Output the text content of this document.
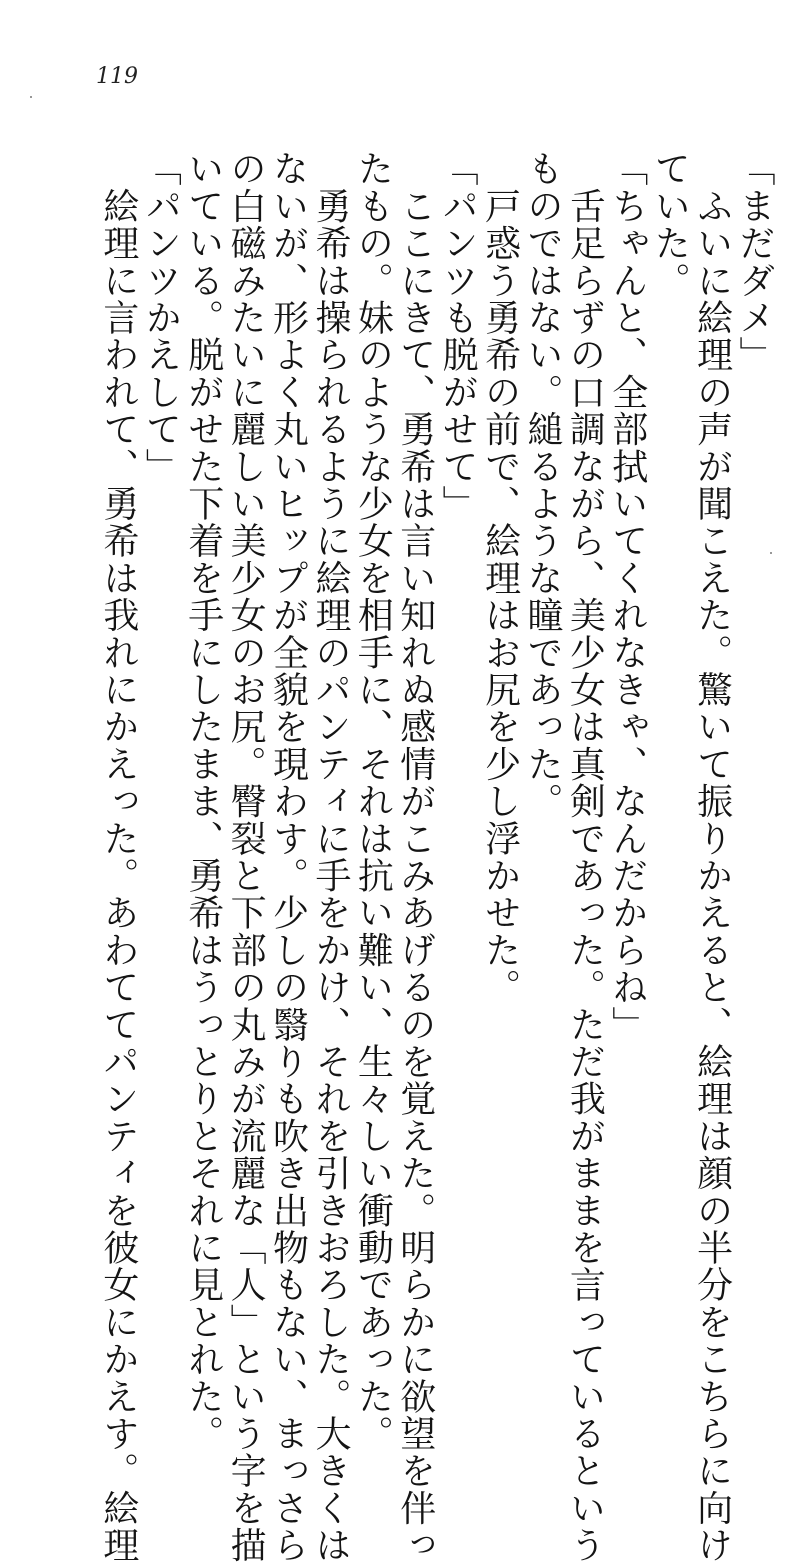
119
「まだダメ」
　ふいに絵理の声が聞こえた。驚いて振りかえると、絵理は顔の半分をこちらに向け
ていた。
「ちゃんと、全部拭いてくれなきゃ、なんだからね」
　舌足らずの口調ながら、美少女は真剣であった。ただ我がままを言っているという
ものではない。縋るような瞳であった。
　戸惑う勇希の前で、絵理はお尻を少し浮かせた。
「パンツも脱がせて」
　ここにきて、勇希は言い知れぬ感情がこみあげるのを覚えた。明らかに欲望を伴っ
たもの。妹のような少女を相手に、それは抗い難い、生々しい衝動であった。
　勇希は操られるように絵理のパンティに手をかけ、それを引きおろした。大きくは
ないが、形よく丸いヒップが全貌を現わす。少しの翳りも吹き出物もない、まっさら
の白磁みたいに麗しい美少女のお尻。臀裂と下部の丸みが流麗な「人」という字を描
いている。脱がせた下着を手にしたまま、勇希はうっとりとそれに見とれた。
「パンツかえして」
　絵理に言われて、勇希は我れにかえった。あわててパンティを彼女にかえす。絵理
